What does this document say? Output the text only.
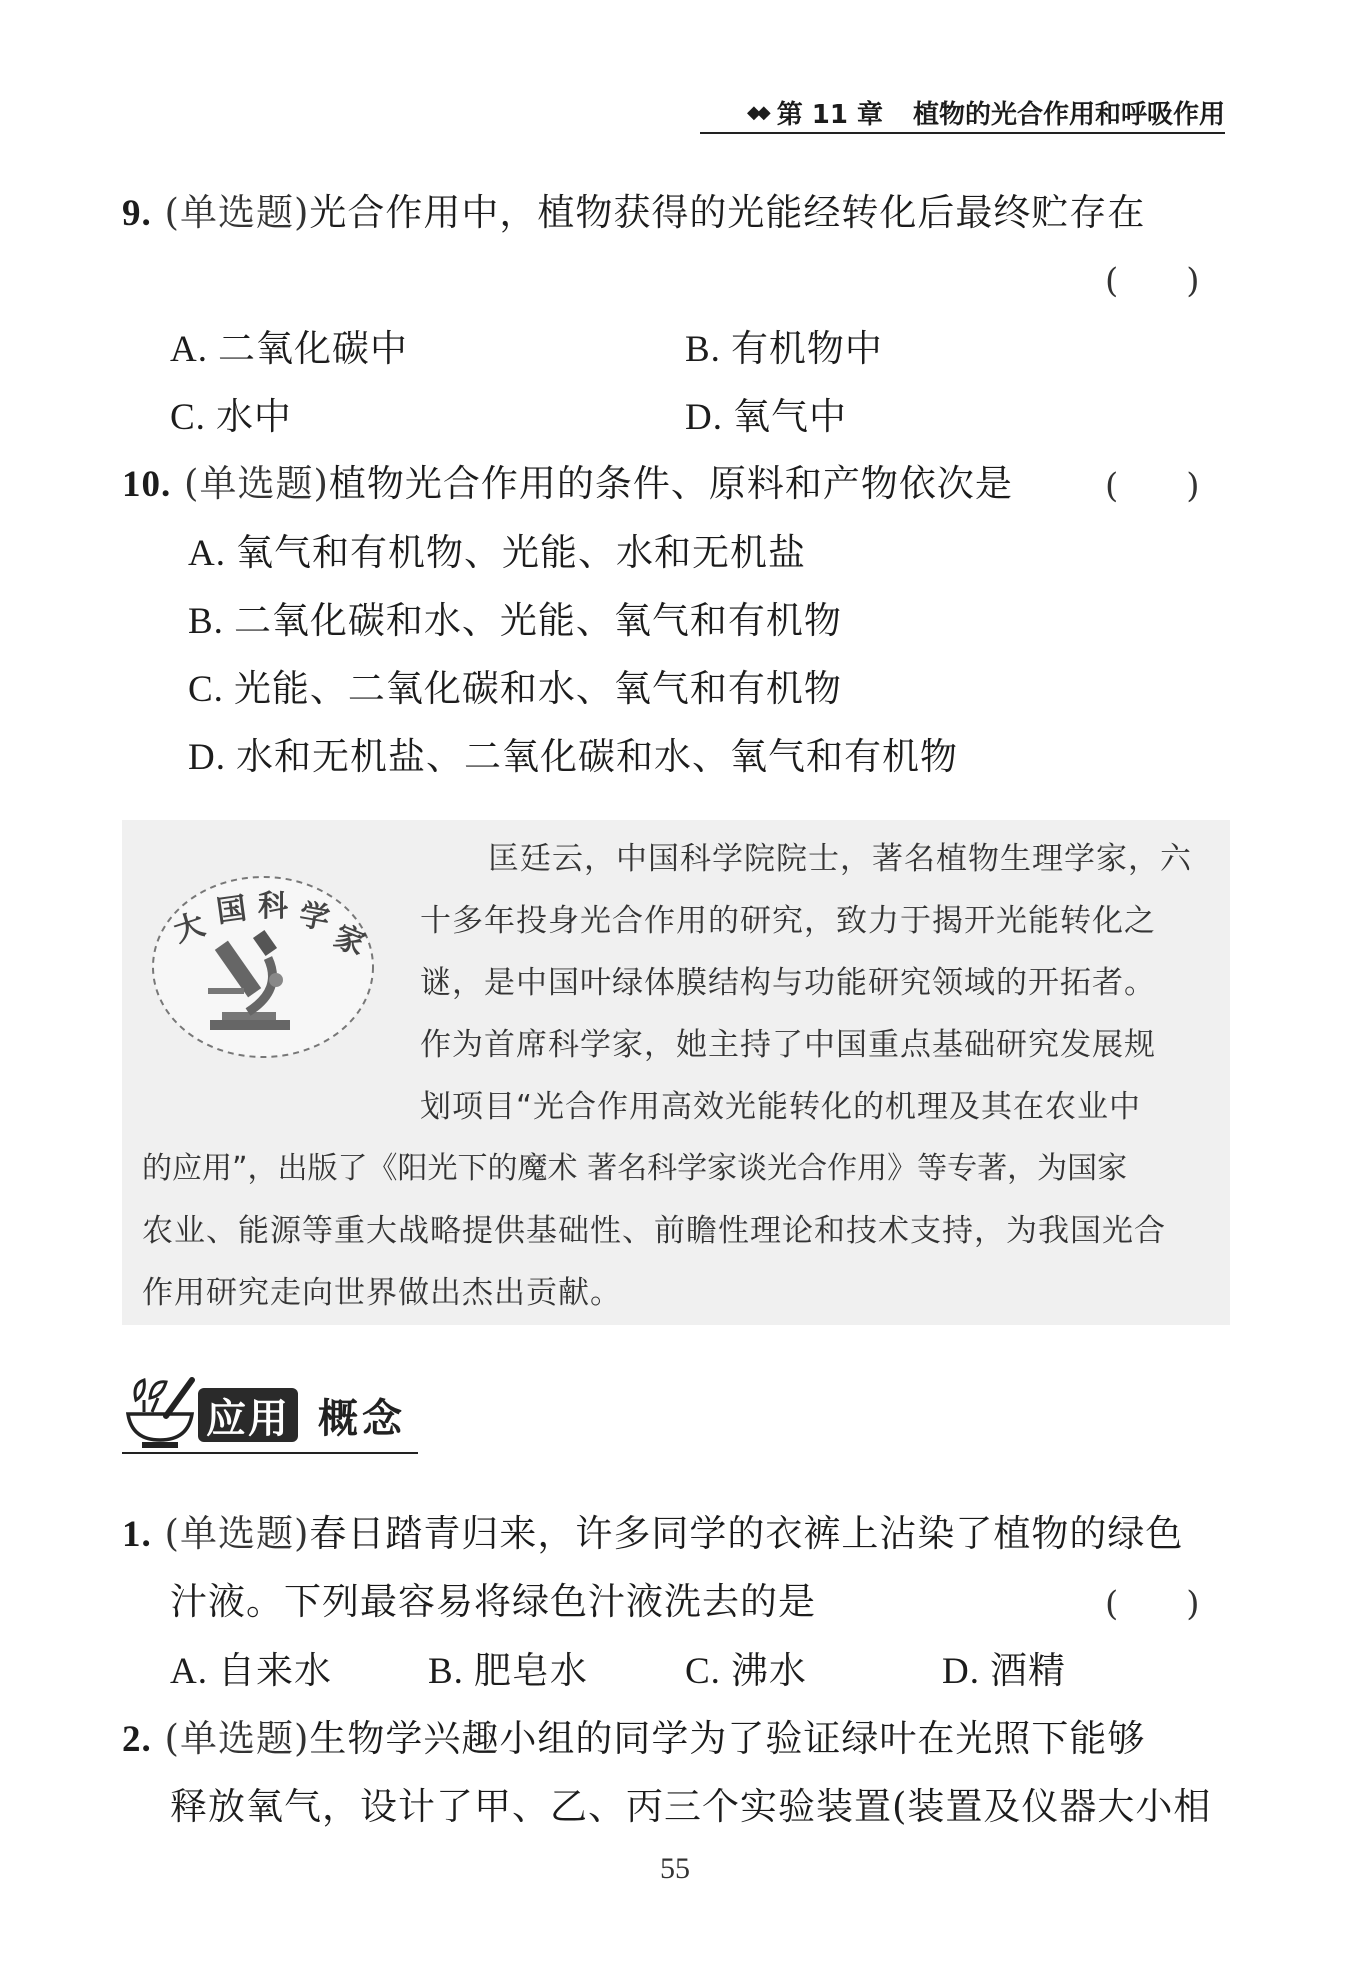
◆◆ 第 11 章 植物的光合作用和呼吸作用
9. (单选题)光合作用中，植物获得的光能经转化后最终贮存在
(　　)
A. 二氧化碳中	B. 有机物中
C. 水中	D. 氧气中
10. (单选题)植物光合作用的条件、原料和产物依次是	(　　)
A. 氧气和有机物、光能、水和无机盐
B. 二氧化碳和水、光能、氧气和有机物
C. 光能、二氧化碳和水、氧气和有机物
D. 水和无机盐、二氧化碳和水、氧气和有机物
大 国 科 学
家
匡廷云，中国科学院院士，著名植物生理学家，六
十多年投身光合作用的研究，致力于揭开光能转化之
谜，是中国叶绿体膜结构与功能研究领域的开拓者。
作为首席科学家，她主持了中国重点基础研究发展规
划项目“光合作用高效光能转化的机理及其在农业中
的应用”，出版了《阳光下的魔术 著名科学家谈光合作用》等专著，为国家
农业、能源等重大战略提供基础性、前瞻性理论和技术支持，为我国光合
作用研究走向世界做出杰出贡献。
应用 概念
1. (单选题)春日踏青归来，许多同学的衣裤上沾染了植物的绿色
汁液。下列最容易将绿色汁液洗去的是	(　　)
A. 自来水	B. 肥皂水	C. 沸水	D. 酒精
2. (单选题)生物学兴趣小组的同学为了验证绿叶在光照下能够
释放氧气，设计了甲、乙、丙三个实验装置(装置及仪器大小相
55
